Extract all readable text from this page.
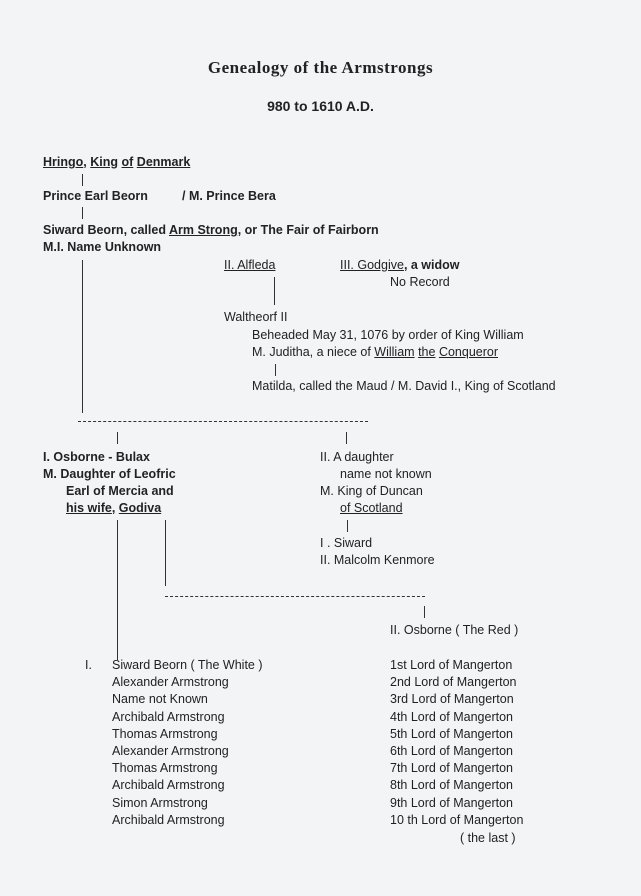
Genealogy of the Armstrongs
980 to 1610 A.D.
Hringo, King of Denmark
Prince Earl Beorn	/ M. Prince Bera
Siward Beorn, called Arm Strong, or The Fair of Fairborn
M.I. Name Unknown
II. Alfleda	III. Godgive, a widow
No Record
Waltheorf II
Beheaded May 31, 1076 by order of King William
M. Juditha, a niece of William the Conqueror
Matilda, called the Maud / M. David I., King of Scotland
I. Osborne - Bulax
M. Daughter of Leofric
Earl of Mercia and
his wife, Godiva
II. A daughter
name not known
M. King of Duncan
of Scotland
I . Siward
II. Malcolm Kenmore
II. Osborne ( The Red )
I. Siward Beorn ( The White )	1st Lord of Mangerton
Alexander Armstrong	2nd Lord of Mangerton
Name not Known	3rd Lord of Mangerton
Archibald Armstrong	4th Lord of Mangerton
Thomas Armstrong	5th Lord of Mangerton
Alexander Armstrong	6th Lord of Mangerton
Thomas Armstrong	7th Lord of Mangerton
Archibald Armstrong	8th Lord of Mangerton
Simon Armstrong	9th Lord of Mangerton
Archibald Armstrong	10 th Lord of Mangerton
( the last )
